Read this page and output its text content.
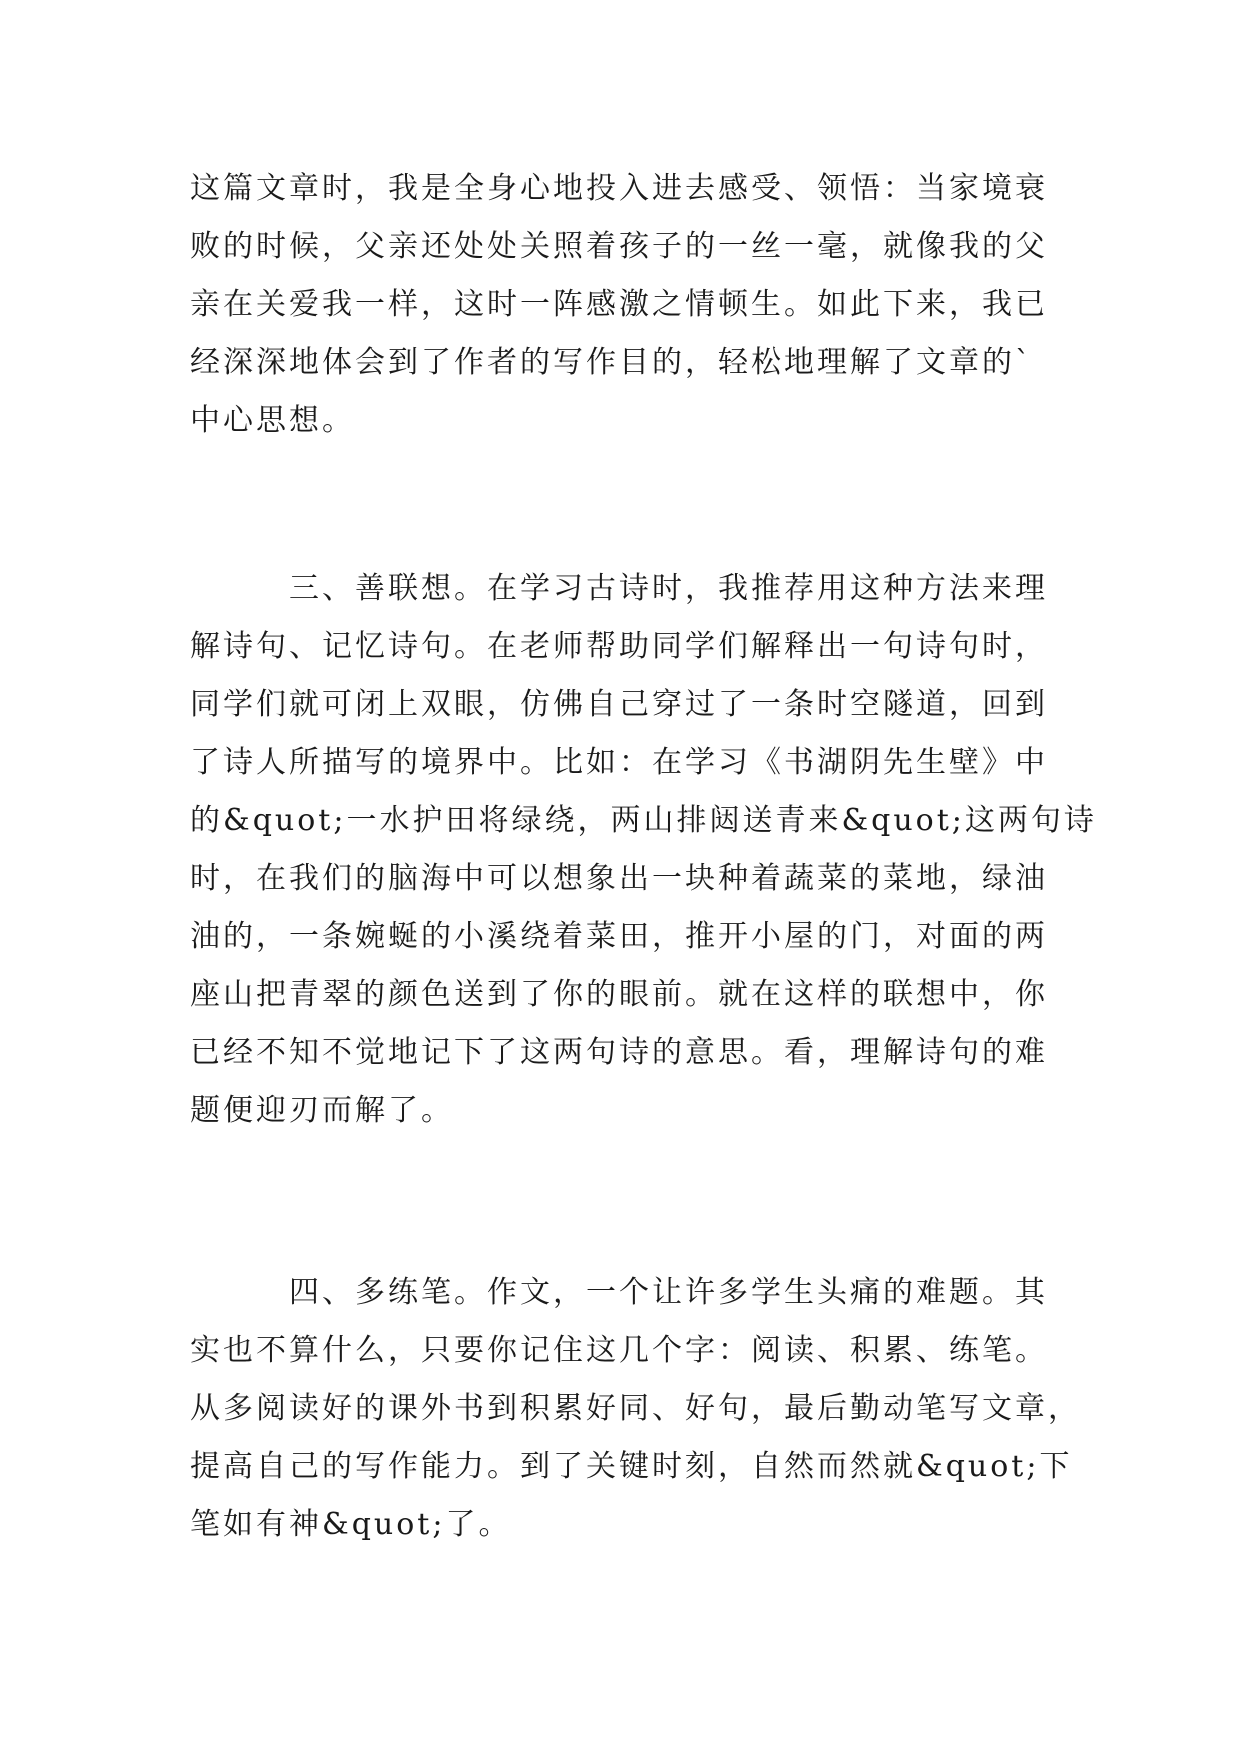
这篇文章时，我是全身心地投入进去感受、领悟：当家境衰
败的时候，父亲还处处关照着孩子的一丝一毫，就像我的父
亲在关爱我一样，这时一阵感激之情顿生。如此下来，我已
经深深地体会到了作者的写作目的，轻松地理解了文章的`
中心思想。
　　　三、善联想。在学习古诗时，我推荐用这种方法来理
解诗句、记忆诗句。在老师帮助同学们解释出一句诗句时，
同学们就可闭上双眼，仿佛自己穿过了一条时空隧道，回到
了诗人所描写的境界中。比如：在学习《书湖阴先生壁》中
的&quot;一水护田将绿绕，两山排闼送青来&quot;这两句诗
时，在我们的脑海中可以想象出一块种着蔬菜的菜地，绿油
油的，一条婉蜒的小溪绕着菜田，推开小屋的门，对面的两
座山把青翠的颜色送到了你的眼前。就在这样的联想中，你
已经不知不觉地记下了这两句诗的意思。看，理解诗句的难
题便迎刃而解了。
　　　四、多练笔。作文，一个让许多学生头痛的难题。其
实也不算什么，只要你记住这几个字：阅读、积累、练笔。
从多阅读好的课外书到积累好同、好句，最后勤动笔写文章，
提高自己的写作能力。到了关键时刻，自然而然就&quot;下
笔如有神&quot;了。
